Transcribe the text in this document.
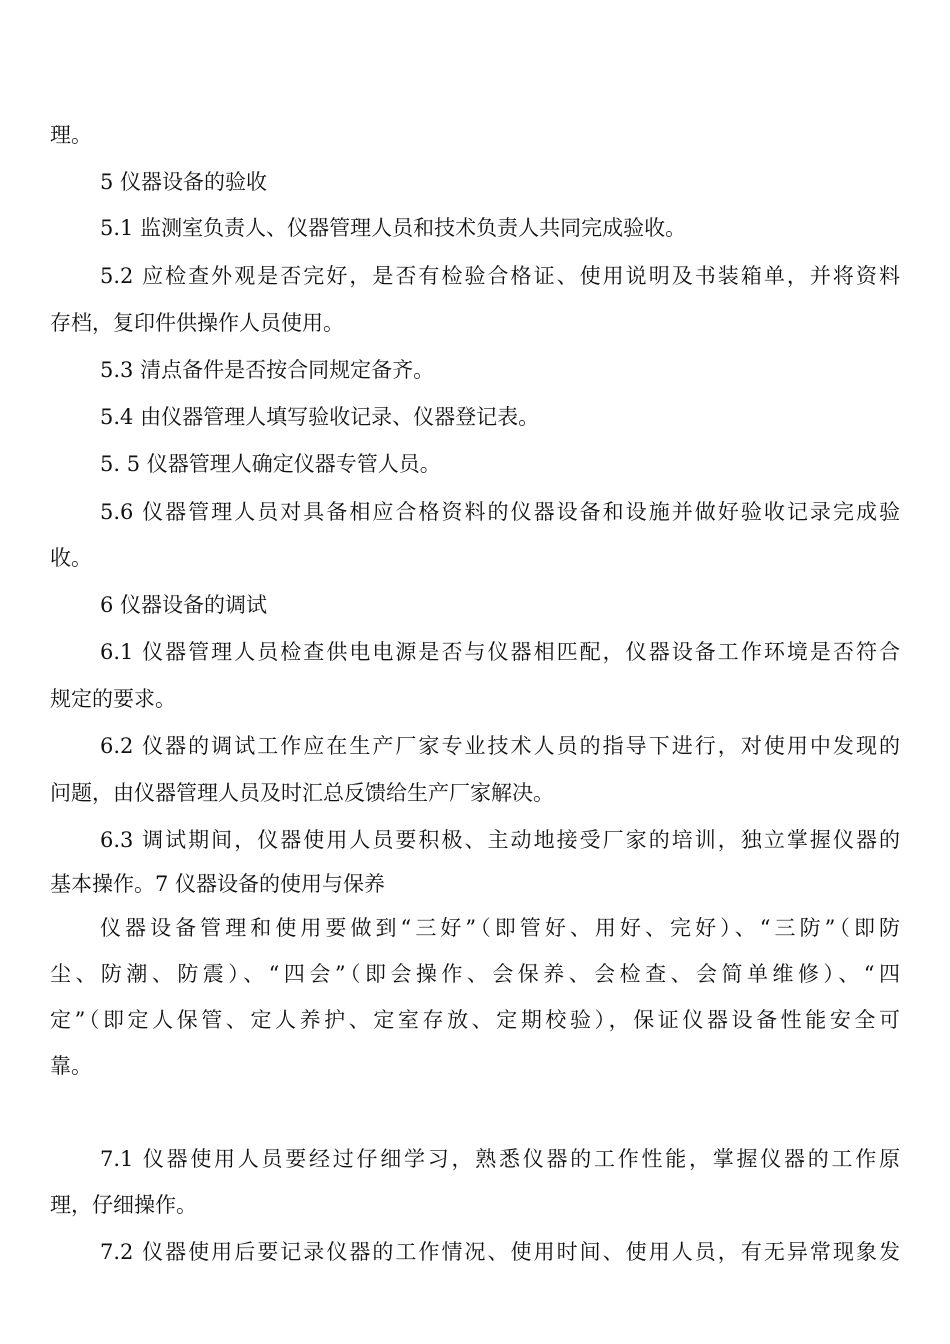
理。
5 仪器设备的验收
5.1 监测室负责人、仪器管理人员和技术负责人共同完成验收。
5.2 应检查外观是否完好，是否有检验合格证、使用说明及书装箱单，并将资料
存档，复印件供操作人员使用。
5.3 清点备件是否按合同规定备齐。
5.4 由仪器管理人填写验收记录、仪器登记表。
5. 5 仪器管理人确定仪器专管人员。
5.6 仪器管理人员对具备相应合格资料的仪器设备和设施并做好验收记录完成验
收。
6 仪器设备的调试
6.1 仪器管理人员检查供电电源是否与仪器相匹配，仪器设备工作环境是否符合
规定的要求。
6.2 仪器的调试工作应在生产厂家专业技术人员的指导下进行，对使用中发现的
问题，由仪器管理人员及时汇总反馈给生产厂家解决。
6.3 调试期间，仪器使用人员要积极、主动地接受厂家的培训，独立掌握仪器的
基本操作。7 仪器设备的使用与保养
仪器设备管理和使用要做到“三好”（即管好、用好、完好）、“三防”（即防
尘、防潮、防震）、“四会”（即会操作、会保养、会检查、会简单维修）、“四
定”（即定人保管、定人养护、定室存放、定期校验），保证仪器设备性能安全可
靠。
7.1 仪器使用人员要经过仔细学习，熟悉仪器的工作性能，掌握仪器的工作原
理，仔细操作。
7.2 仪器使用后要记录仪器的工作情况、使用时间、使用人员，有无异常现象发
